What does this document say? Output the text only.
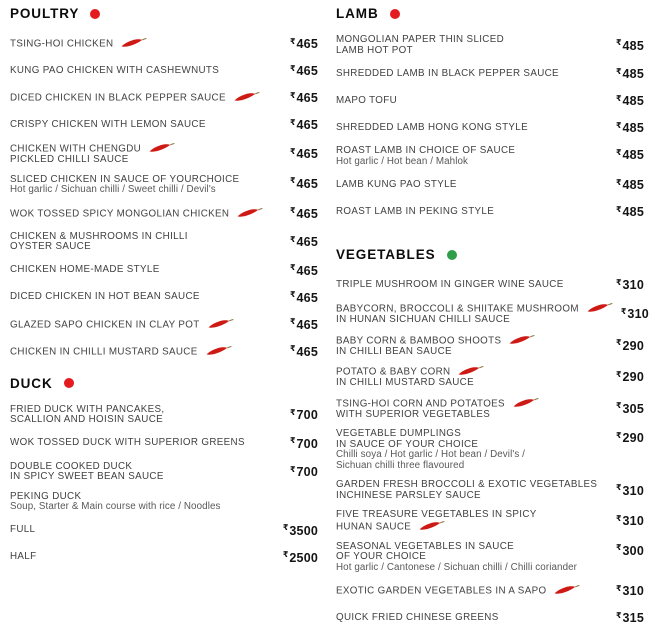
POULTRY
TSING-HOI CHICKEN	₹465
KUNG PAO CHICKEN WITH CASHEWNUTS	₹465
DICED CHICKEN IN BLACK PEPPER SAUCE	₹465
CRISPY CHICKEN WITH LEMON SAUCE	₹465
CHICKEN WITH CHENGDU
PICKLED CHILLI SAUCE
₹465
SLICED CHICKEN IN SAUCE OF YOURCHOICE
Hot garlic / Sichuan chilli / Sweet chilli / Devil's
₹465
WOK TOSSED SPICY MONGOLIAN CHICKEN	₹465
CHICKEN & MUSHROOMS IN CHILLI
OYSTER SAUCE
₹465
CHICKEN HOME-MADE STYLE	₹465
DICED CHICKEN IN HOT BEAN SAUCE	₹465
GLAZED SAPO CHICKEN IN CLAY POT	₹465
CHICKEN IN CHILLI MUSTARD SAUCE	₹465
DUCK
FRIED DUCK WITH PANCAKES,
SCALLION AND HOISIN SAUCE
₹700
WOK TOSSED DUCK WITH SUPERIOR GREENS	₹700
DOUBLE COOKED DUCK
IN SPICY SWEET BEAN SAUCE
₹700
PEKING DUCK
Soup, Starter & Main course with rice / Noodles
FULL	₹3500
HALF	₹2500
LAMB
MONGOLIAN PAPER THIN SLICED
LAMB HOT POT
₹485
SHREDDED LAMB IN BLACK PEPPER SAUCE	₹485
MAPO TOFU	₹485
SHREDDED LAMB HONG KONG STYLE	₹485
ROAST LAMB IN CHOICE OF SAUCE
Hot garlic / Hot bean / Mahlok
₹485
LAMB KUNG PAO STYLE	₹485
ROAST LAMB IN PEKING STYLE	₹485
VEGETABLES
TRIPLE MUSHROOM IN GINGER WINE SAUCE	₹310
BABYCORN, BROCCOLI & SHIITAKE MUSHROOM
IN HUNAN SICHUAN CHILLI SAUCE
₹310
BABY CORN & BAMBOO SHOOTS
IN CHILLI BEAN SAUCE
₹290
POTATO & BABY CORN
IN CHILLI MUSTARD SAUCE
₹290
TSING-HOI CORN AND POTATOES
WITH SUPERIOR VEGETABLES
₹305
VEGETABLE DUMPLINGS
IN SAUCE OF YOUR CHOICE
Chilli soya / Hot garlic / Hot bean / Devil's /
Sichuan chilli three flavoured
₹290
GARDEN FRESH BROCCOLI & EXOTIC VEGETABLES
INCHINESE PARSLEY SAUCE
₹310
FIVE TREASURE VEGETABLES IN SPICY
HUNAN SAUCE
₹310
SEASONAL VEGETABLES IN SAUCE
OF YOUR CHOICE
Hot garlic / Cantonese / Sichuan chilli / Chilli coriander
₹300
EXOTIC GARDEN VEGETABLES IN A SAPO	₹310
QUICK FRIED CHINESE GREENS	₹315
